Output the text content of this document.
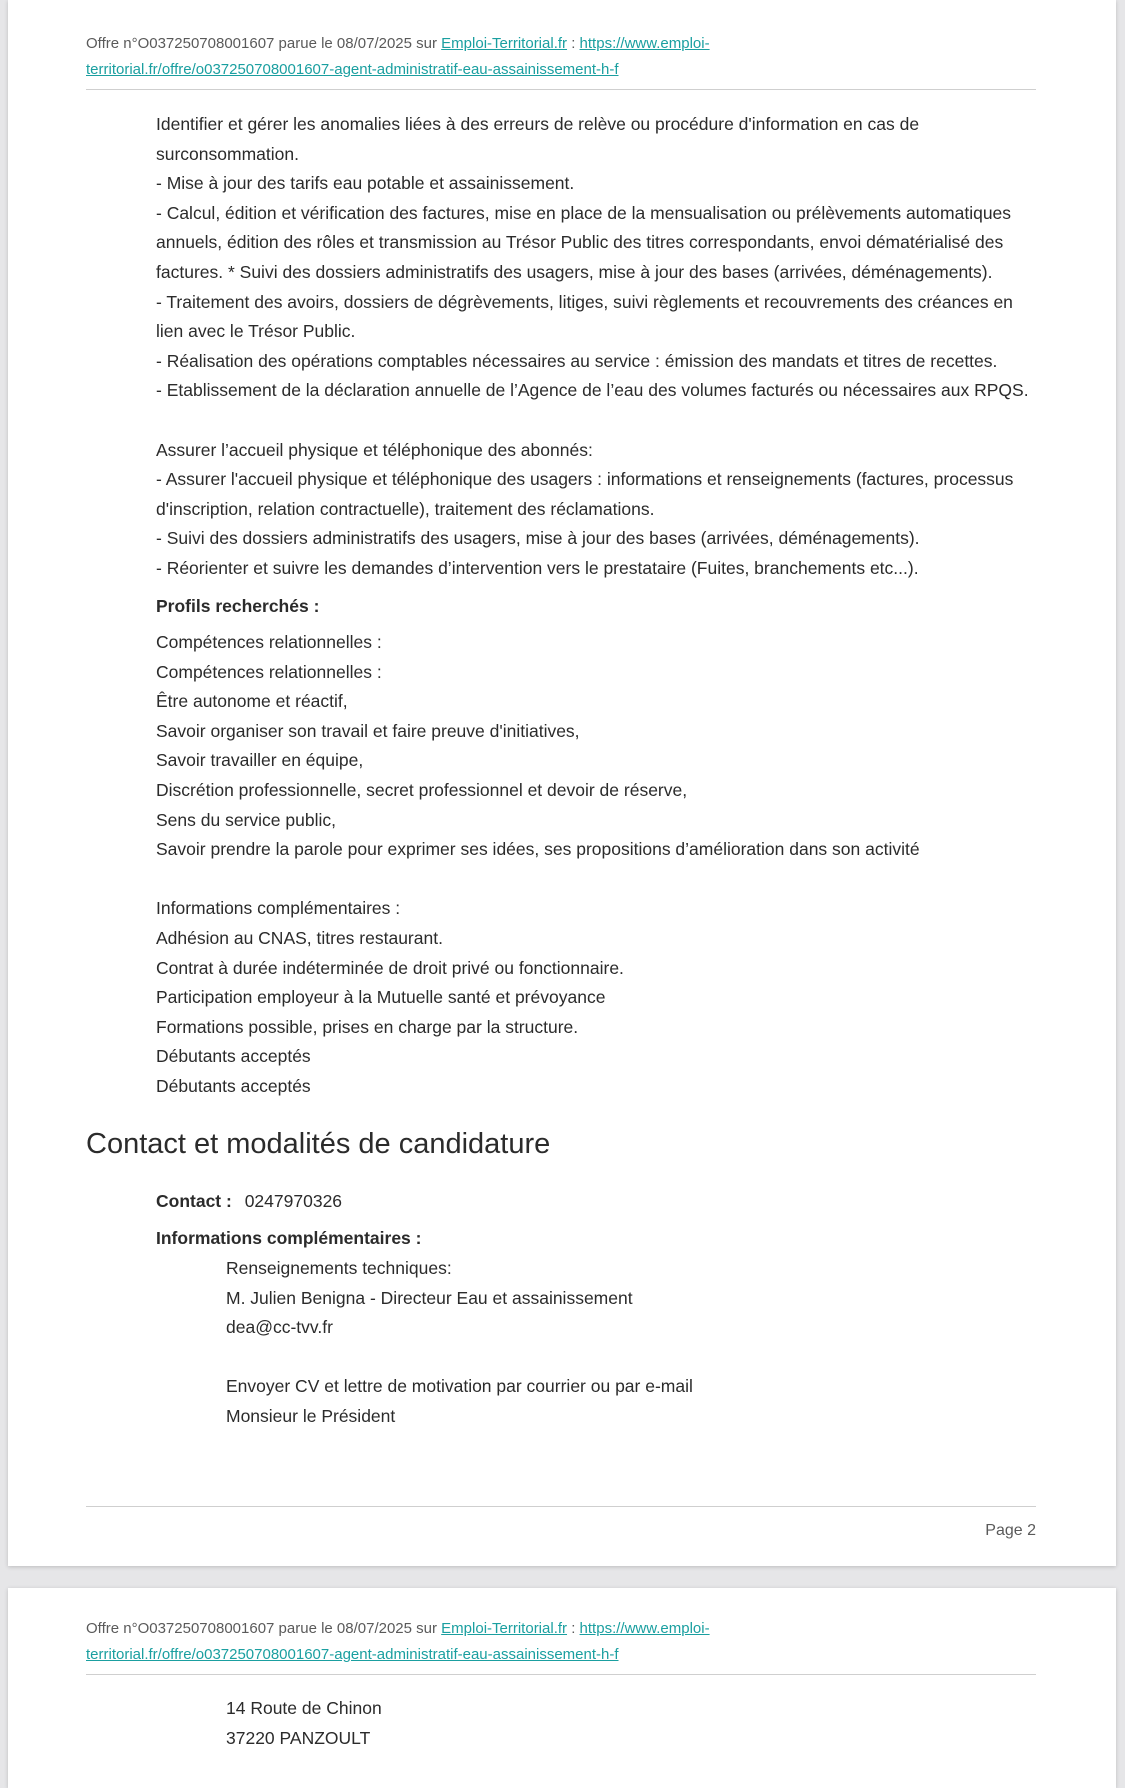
Offre n°O037250708001607 parue le 08/07/2025 sur Emploi-Territorial.fr : https://www.emploi-
territorial.fr/offre/o037250708001607-agent-administratif-eau-assainissement-h-f
Identifier et gérer les anomalies liées à des erreurs de relève ou procédure d'information en cas de
surconsommation.
- Mise à jour des tarifs eau potable et assainissement.
- Calcul, édition et vérification des factures, mise en place de la mensualisation ou prélèvements automatiques
annuels, édition des rôles et transmission au Trésor Public des titres correspondants, envoi dématérialisé des
factures. * Suivi des dossiers administratifs des usagers, mise à jour des bases (arrivées, déménagements).
- Traitement des avoirs, dossiers de dégrèvements, litiges, suivi règlements et recouvrements des créances en
lien avec le Trésor Public.
- Réalisation des opérations comptables nécessaires au service : émission des mandats et titres de recettes.
- Etablissement de la déclaration annuelle de l’Agence de l’eau des volumes facturés ou nécessaires aux RPQS.
Assurer l’accueil physique et téléphonique des abonnés:
- Assurer l'accueil physique et téléphonique des usagers : informations et renseignements (factures, processus
d'inscription, relation contractuelle), traitement des réclamations.
- Suivi des dossiers administratifs des usagers, mise à jour des bases (arrivées, déménagements).
- Réorienter et suivre les demandes d’intervention vers le prestataire (Fuites, branchements etc...).
Profils recherchés :
Compétences relationnelles :
Compétences relationnelles :
Être autonome et réactif,
Savoir organiser son travail et faire preuve d'initiatives,
Savoir travailler en équipe,
Discrétion professionnelle, secret professionnel et devoir de réserve,
Sens du service public,
Savoir prendre la parole pour exprimer ses idées, ses propositions d’amélioration dans son activité
Informations complémentaires :
Adhésion au CNAS, titres restaurant.
Contrat à durée indéterminée de droit privé ou fonctionnaire.
Participation employeur à la Mutuelle santé et prévoyance
Formations possible, prises en charge par la structure.
Débutants acceptés
Débutants acceptés
Contact et modalités de candidature
Contact : 0247970326
Informations complémentaires :
Renseignements techniques:
M. Julien Benigna - Directeur Eau et assainissement
dea@cc-tvv.fr
Envoyer CV et lettre de motivation par courrier ou par e-mail
Monsieur le Président
Page 2
Offre n°O037250708001607 parue le 08/07/2025 sur Emploi-Territorial.fr : https://www.emploi-
territorial.fr/offre/o037250708001607-agent-administratif-eau-assainissement-h-f
14 Route de Chinon
37220 PANZOULT
